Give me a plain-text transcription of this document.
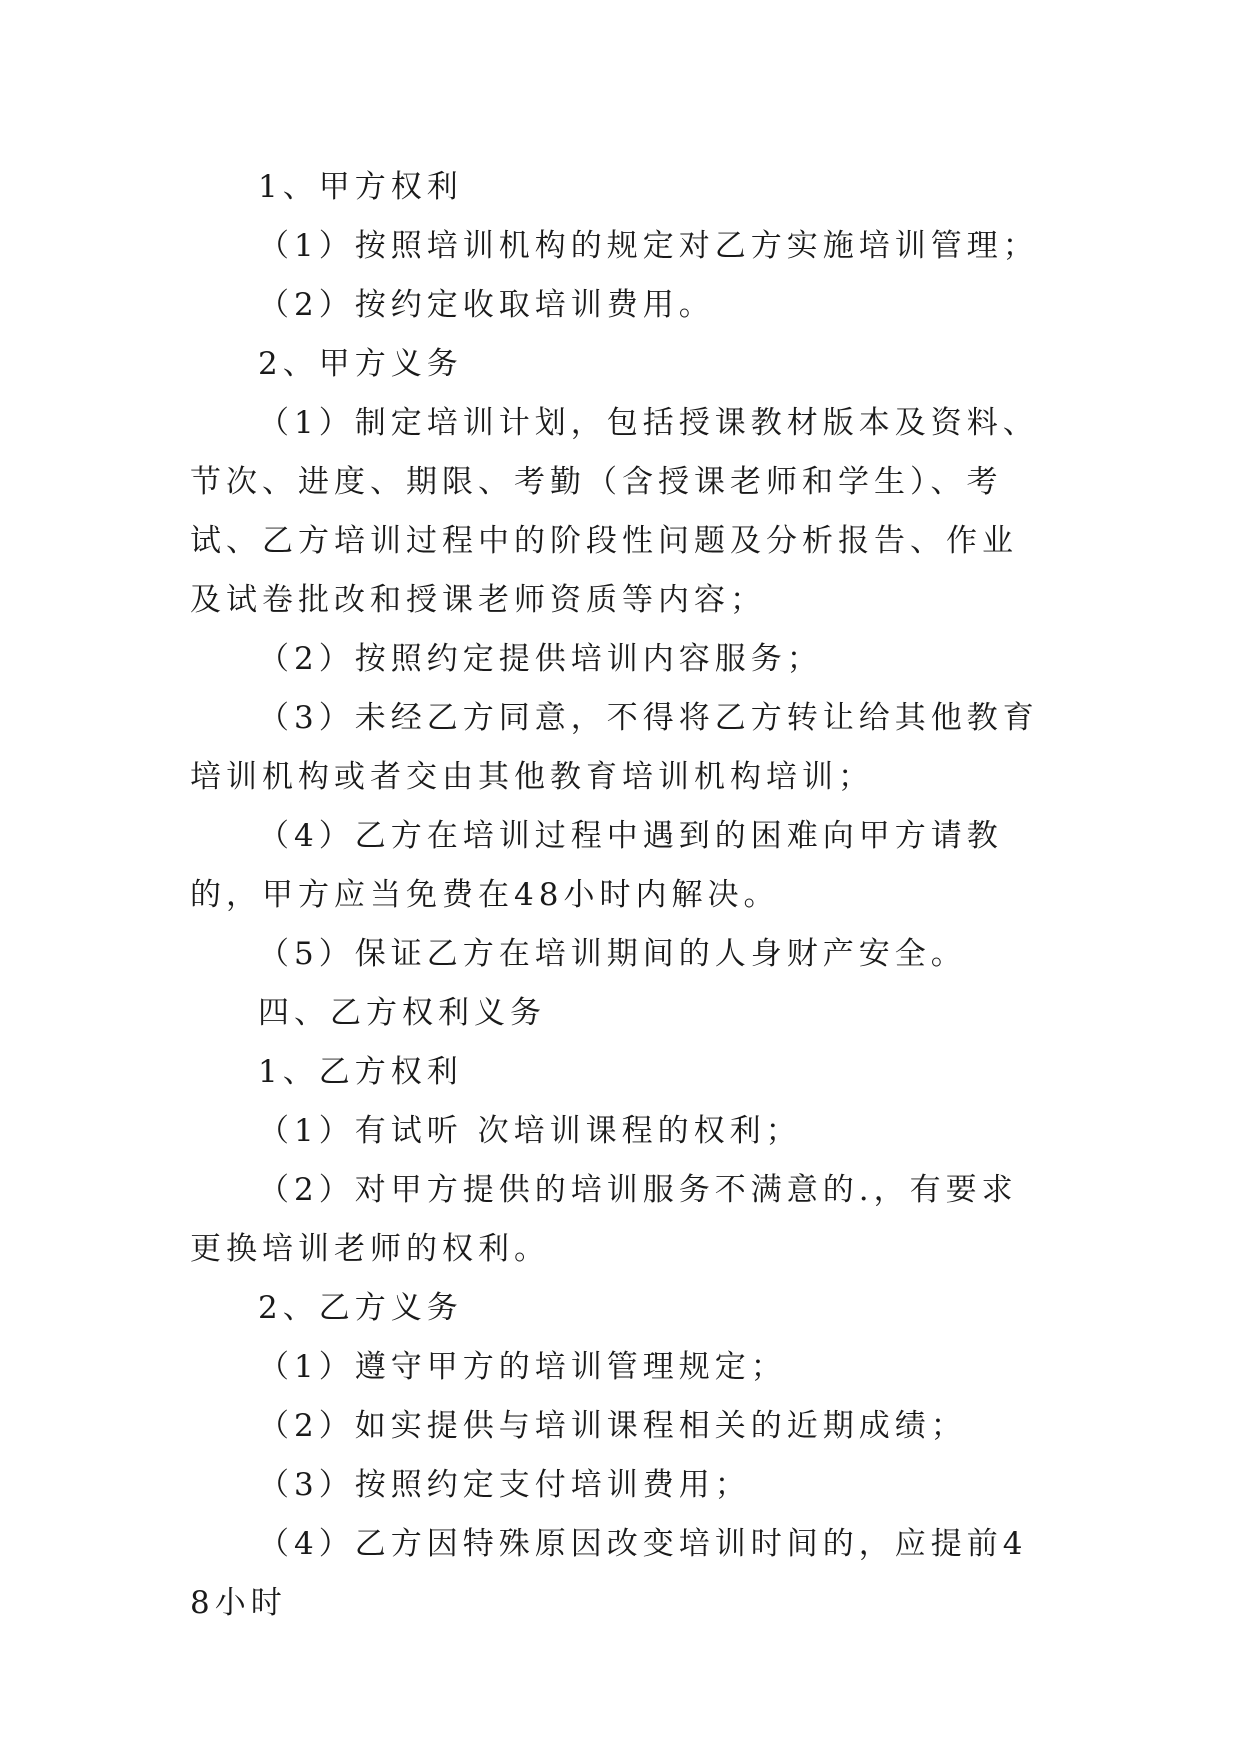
1、甲方权利

（1）按照培训机构的规定对乙方实施培训管理；

（2）按约定收取培训费用。

2、甲方义务

（1）制定培训计划，包括授课教材版本及资料、节次、进度、期限、考勤（含授课老师和学生）、考试、乙方培训过程中的阶段性问题及分析报告、作业及试卷批改和授课老师资质等内容；

（2）按照约定提供培训内容服务；

（3）未经乙方同意，不得将乙方转让给其他教育培训机构或者交由其他教育培训机构培训；

（4）乙方在培训过程中遇到的困难向甲方请教的，甲方应当免费在48小时内解决。

（5）保证乙方在培训期间的人身财产安全。

四、乙方权利义务

1、乙方权利

（1）有试听 次培训课程的权利；

（2）对甲方提供的培训服务不满意的.，有要求更换培训老师的权利。

2、乙方义务

（1）遵守甲方的培训管理规定；

（2）如实提供与培训课程相关的近期成绩；

（3）按照约定支付培训费用；

（4）乙方因特殊原因改变培训时间的，应提前48小时
